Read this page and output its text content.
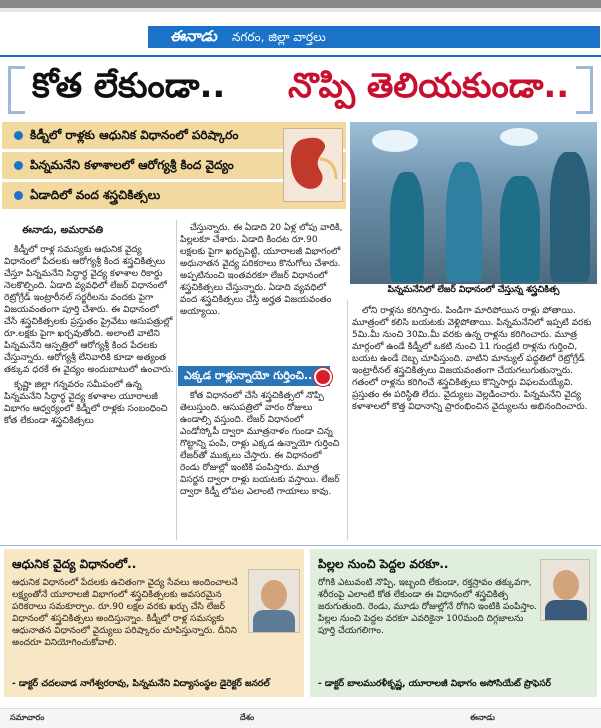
ఈనాడు నగరం, జిల్లా వార్తలు
కోత లేకుండా.. నొప్పి తెలియకుండా..
కిడ్నీలో రాళ్లకు ఆధునిక విధానంలో పరిష్కారం
పిన్నమనేని కళాశాలలో ఆరోగ్యశ్రీ కింద వైద్యం
ఏడాదిలో వంద శస్త్రచికిత్సలు
పిన్నమనేనిలో లేజర్ విధానంలో చేస్తున్న శస్త్రచికిత్స
ఈనాడు, అమరావతి

కిడ్నీలో రాళ్ల సమస్యకు ఆధునిక వైద్య విధానంలో పేదలకు ఆరోగ్యశ్రీ కింద శస్త్రచికిత్సలు చేస్తూ పిన్నమనేని సిద్ధార్థ వైద్య కళాశాల రికార్డు నెలకొల్పింది. ఏడాది వ్యవధిలో లేజర్ విధానంలో రెట్రోగ్రేడ్ ఇంట్రారీనల్ సర్జరీలను వందకు పైగా విజయవంతంగా పూర్తి చేశారు. ఈ విధానంలో చేసే శస్త్రచికిత్సలకు ప్రస్తుతం ప్రైవేటు ఆసుపత్రుల్లో రూ.లక్షకు పైగా ఖర్చవుతోంది. అలాంటి వాటిని పిన్నమనేని ఆస్పత్రిలో ఆరోగ్యశ్రీ కింద పేదలకు చేస్తున్నారు. ఆరోగ్యశ్రీ లేనివారికి కూడా అత్యంత తక్కువ ధరకే ఈ వైద్యం అందుబాటులో ఉంచారు.

కృష్ణా జిల్లా గన్నవరం సమీపంలో ఉన్న పిన్నమనేని సిద్ధార్థ వైద్య కళాశాల యూరాలజీ విభాగం ఆధ్వర్యంలో కిడ్నీలో రాళ్లకు సంబంధించి కోత లేకుండా శస్త్రచికిత్సలు

చేస్తున్నారు. ఈ ఏడాది 20 ఏళ్ల లోపు వారికి, పిల్లలకూ చేశారు. ఏడాది కిందట రూ.90 లక్షలకు పైగా ఖర్చుపెట్టి, యూరాలజీ విభాగంలో అధునాతన వైద్య పరికరాలు కొనుగోలు చేశారు. అప్పటినుంచి ఇంతవరకూ లేజర్ విధానంలో శస్త్రచికిత్సలు చేస్తున్నారు. ఏడాది వ్యవధిలో వంద శస్త్రచికిత్సలు చేస్తే అర్హత విజయవంతం అయ్యాయి.

ఎక్కడ రాళ్లున్నాయో గుర్తించి..

కోత విధానంలో చేసే శస్త్రచికిత్సలో నొప్పి తెలుస్తుంది. ఆసుపత్రిలో వారం రోజులు ఉండాల్సి వస్తుంది. లేజర్ విధానంలో ఎండోస్కోపీ ద్వారా మూత్రనాళం గుండా చిన్న గొట్టాన్ని పంపి, రాళ్లు ఎక్కడ ఉన్నాయో గుర్తించి లేజర్‌తో ముక్కలు చేస్తారు. ఈ విధానంలో రెండు రోజుల్లో ఇంటికి పంపిస్తారు. మూత్ర విసర్జన ద్వారా రాళ్లు బయటకు వస్తాయి. లేజర్ ద్వారా కిడ్నీ లోపల ఎలాంటి గాయాలు కావు.

లోని రాళ్లను కరిగిస్తారు. పిండిగా మారిపోయిన రాళ్లు పోతాయి. మూత్రంలో కలిసి బయటకు వెళ్లిపోతాయి. పిన్నమనేనిలో ఇప్పటి వరకు 5మి.మీ నుంచి 30మి.మీ వరకు ఉన్న రాళ్లను కరిగించారు. మూత్ర మార్గంలో ఉండే కిడ్నీలో ఒకటి నుంచి 11 గుండ్రటి రాళ్లను గుర్తించి, బయట ఉండే దెబ్బ చూపిస్తుంది. వాటిని మాన్యుల్ పద్ధతిలో రెట్రోగ్రేడ్ ఇంట్రారీనల్ శస్త్రచికిత్సలు విజయవంతంగా చేయగలుగుతున్నారు. గతంలో రాళ్లను కరిగించే శస్త్రచికిత్సలు కొన్నిసార్లు విఫలమయ్యేవి. ప్రస్తుతం ఈ పరిస్థితి లేదు. వైద్యులు వెల్లడించారు. పిన్నమనేని వైద్య కళాశాలలో కొత్త విధానాన్ని ప్రారంభించిన వైద్యులను అభినందించారు.

ఆధునిక వైద్య విధానంలో..
ఆధునిక విధానంలో పేదలకు ఉచితంగా వైద్య సేవలు అందించాలనే లక్ష్యంతోనే యూరాలజీ విభాగంలో శస్త్రచికిత్సలకు అవసరమైన పరికరాలు సమకూర్చాం. రూ.90 లక్షల వరకు ఖర్చు చేసి లేజర్ విధానంలో శస్త్రచికిత్సలు అందిస్తున్నాం. కిడ్నీలో రాళ్ల సమస్యకు ఆధునాతన విధానంలో వైద్యులు పరిష్కారం చూపిస్తున్నారు. దీనిని అందరూ వినియోగించుకోవాలి.
- డాక్టర్ చదలవాడ నాగేశ్వరరావు, పిన్నమనేని విద్యాసంస్థల డైరెక్టర్ జనరల్
పిల్లల నుంచి పెద్దల వరకూ..
రోగికి ఎటువంటి నొప్పి, ఇబ్బంది లేకుండా, రక్తస్రావం తక్కువగా, శరీరంపై ఎలాంటి కోత లేకుండా ఈ విధానంలో శస్త్రచికిత్స జరుగుతుంది. రెండు, మూడు రోజుల్లోనే రోగిని ఇంటికి పంపిస్తాం. పిల్లల నుంచి పెద్దల వరకూ ఎవరికైనా 100మంది దిగ్గజాలను పూర్తి చేయగలిగాం.
- డాక్టర్ బాలమురళీకృష్ణ, యూరాలజీ విభాగం అసోసియేట్ ప్రొఫెసర్
సమాచారం	దేశం	ఈనాడు
